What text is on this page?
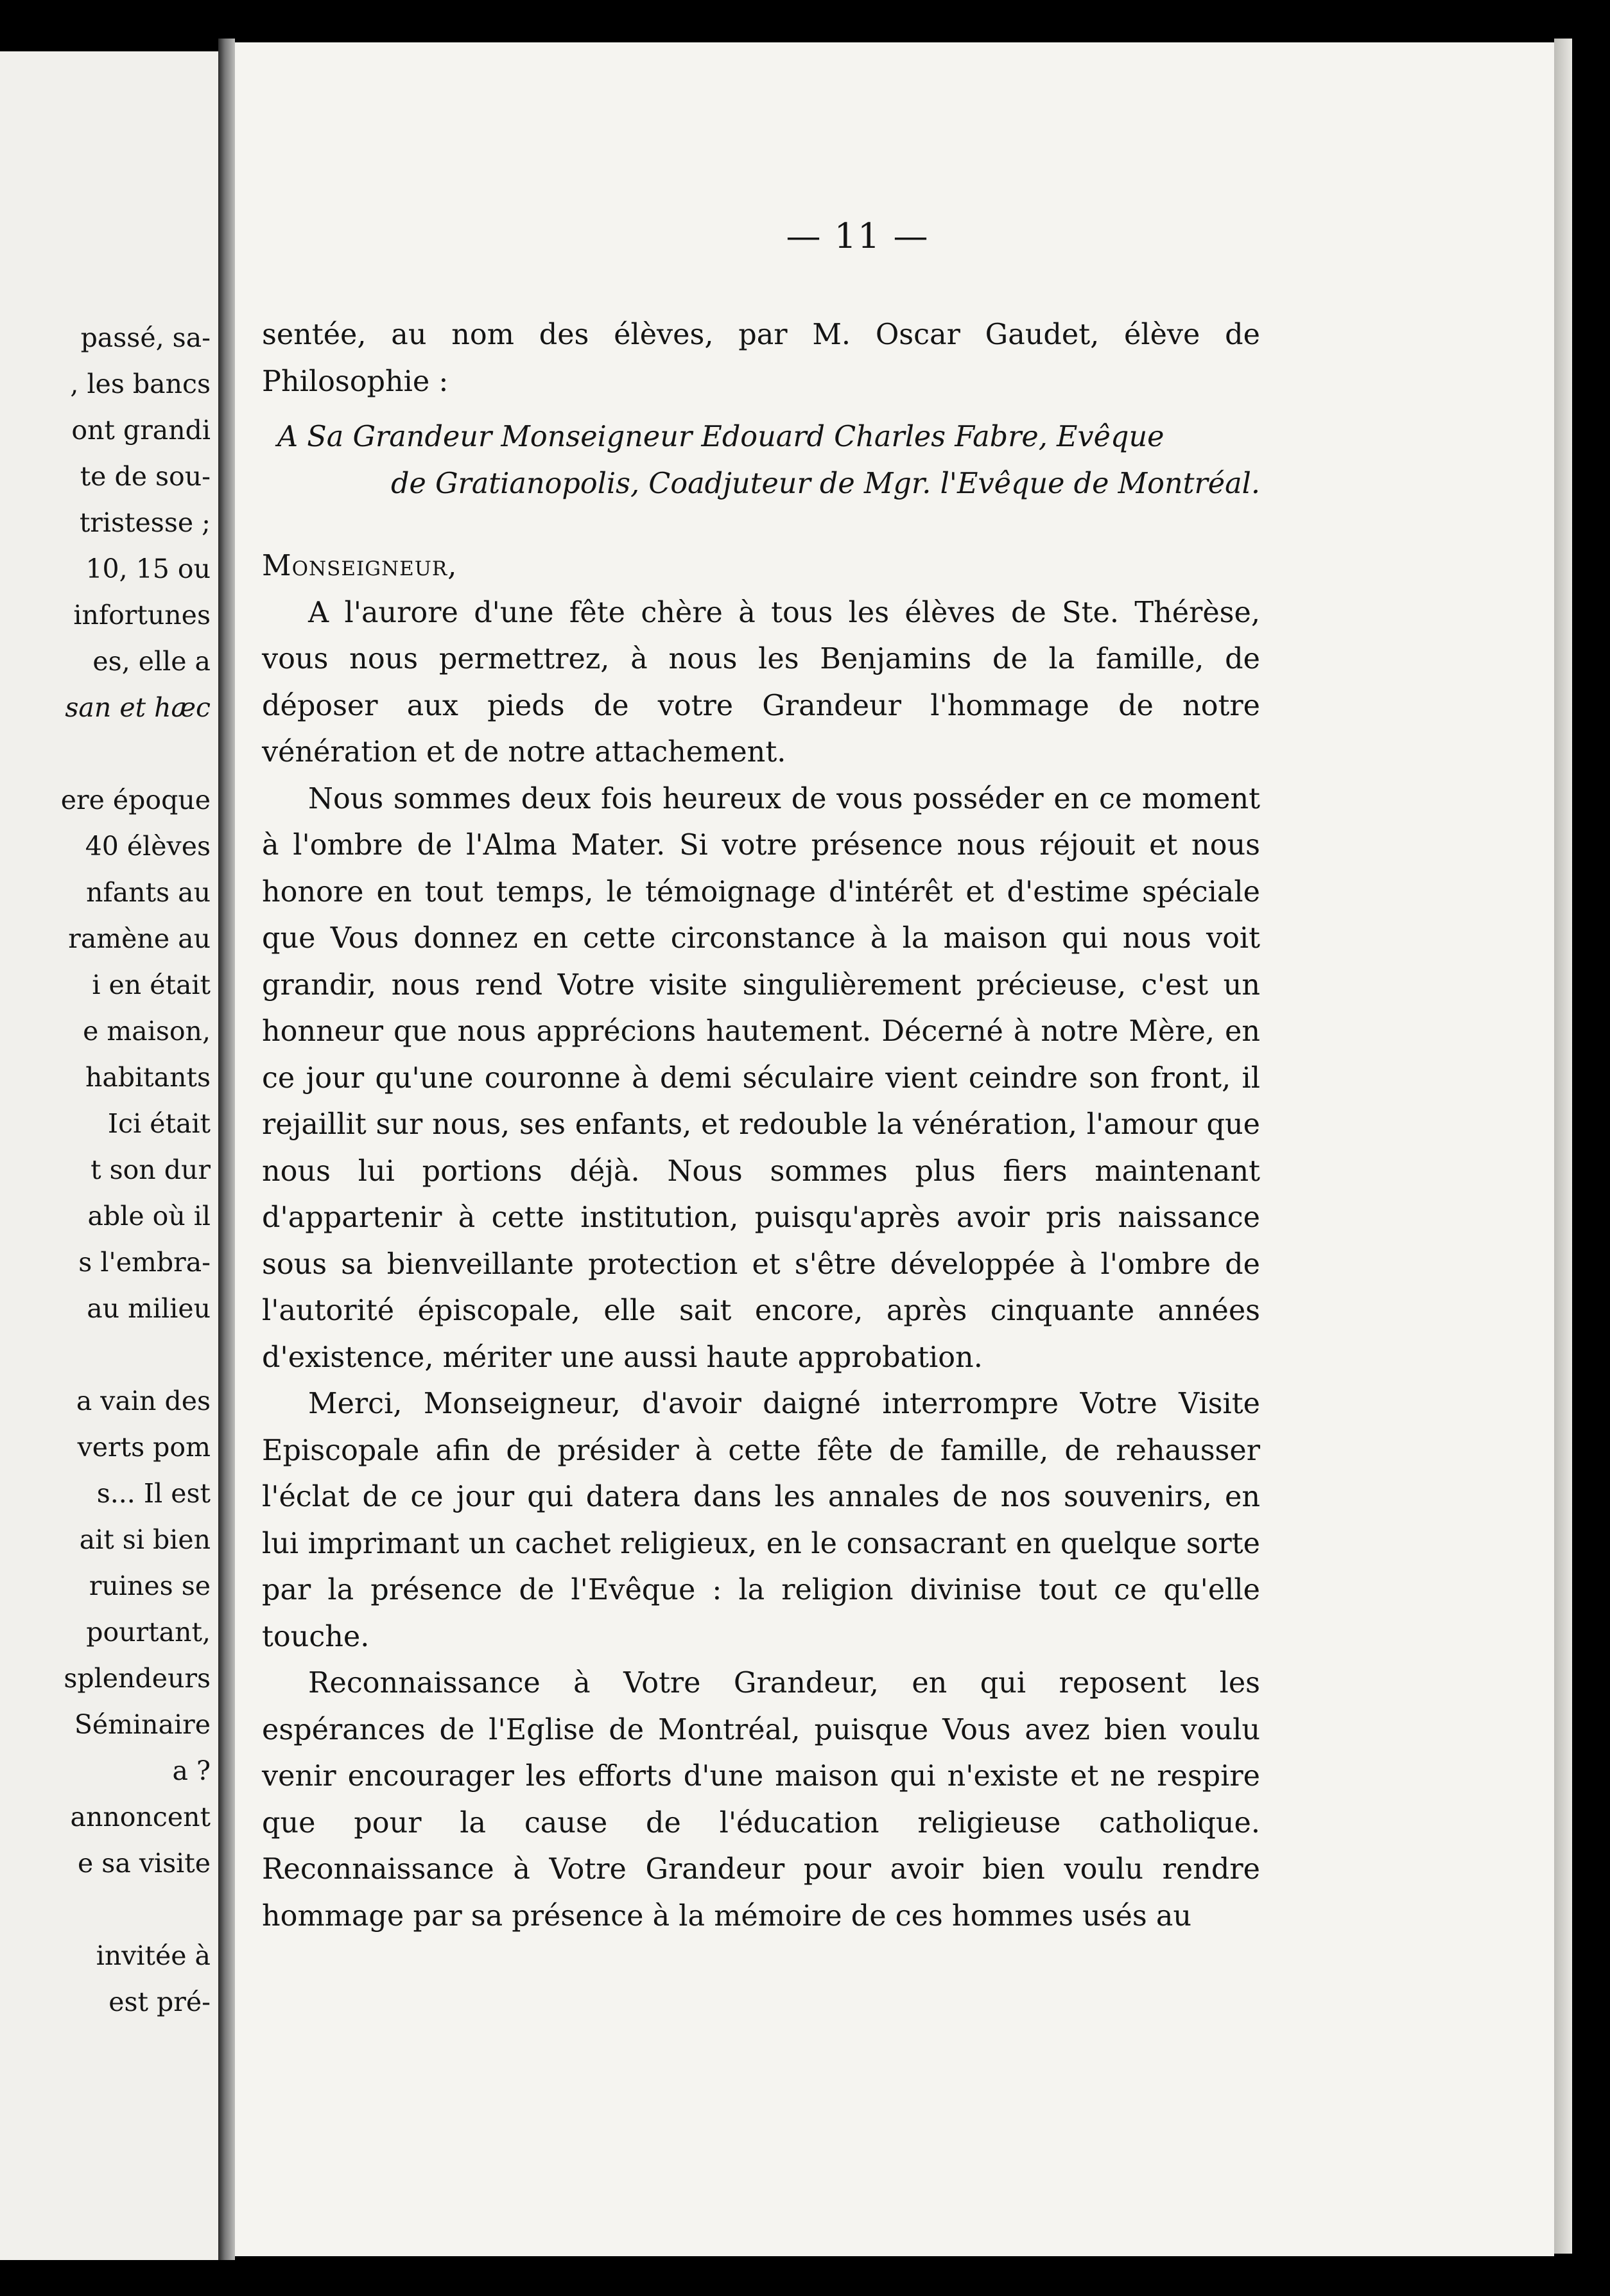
passé, sa-
, les bancs
ont grandi
te de sou-
tristesse ;
10, 15 ou
infortunes
es, elle a
san et hæc
ere époque
40 élèves
nfants au
ramène au
i en était
e maison,
habitants
Ici était
t son dur
able où il
s l'embra-
au milieu
a vain des
verts pom
s... Il est
ait si bien
ruines se
pourtant,
splendeurs
Séminaire
a ?
annoncent
e sa visite
invitée à
est pré-
— 11 —

sentée, au nom des élèves, par M. Oscar Gaudet, élève de Philosophie :

A Sa Grandeur Monseigneur Edouard Charles Fabre, Evêque
de Gratianopolis, Coadjuteur de Mgr. l'Evêque de Montréal.

Monseigneur,

A l'aurore d'une fête chère à tous les élèves de Ste. Thérèse, vous nous permettrez, à nous les Benjamins de la famille, de déposer aux pieds de votre Grandeur l'hommage de notre vénération et de notre attachement.

Nous sommes deux fois heureux de vous posséder en ce moment à l'ombre de l'Alma Mater. Si votre présence nous réjouit et nous honore en tout temps, le témoignage d'intérêt et d'estime spéciale que Vous donnez en cette circonstance à la maison qui nous voit grandir, nous rend Votre visite singulièrement précieuse, c'est un honneur que nous apprécions hautement. Décerné à notre Mère, en ce jour qu'une couronne à demi séculaire vient ceindre son front, il rejaillit sur nous, ses enfants, et redouble la vénération, l'amour que nous lui portions déjà. Nous sommes plus fiers maintenant d'appartenir à cette institution, puisqu'après avoir pris naissance sous sa bienveillante protection et s'être développée à l'ombre de l'autorité épiscopale, elle sait encore, après cinquante années d'existence, mériter une aussi haute approbation.

Merci, Monseigneur, d'avoir daigné interrompre Votre Visite Episcopale afin de présider à cette fête de famille, de rehausser l'éclat de ce jour qui datera dans les annales de nos souvenirs, en lui imprimant un cachet religieux, en le consacrant en quelque sorte par la présence de l'Evêque : la religion divinise tout ce qu'elle touche.

Reconnaissance à Votre Grandeur, en qui reposent les espérances de l'Eglise de Montréal, puisque Vous avez bien voulu venir encourager les efforts d'une maison qui n'existe et ne respire que pour la cause de l'éducation religieuse catholique. Reconnaissance à Votre Grandeur pour avoir bien voulu rendre hommage par sa présence à la mémoire de ces hommes usés au
